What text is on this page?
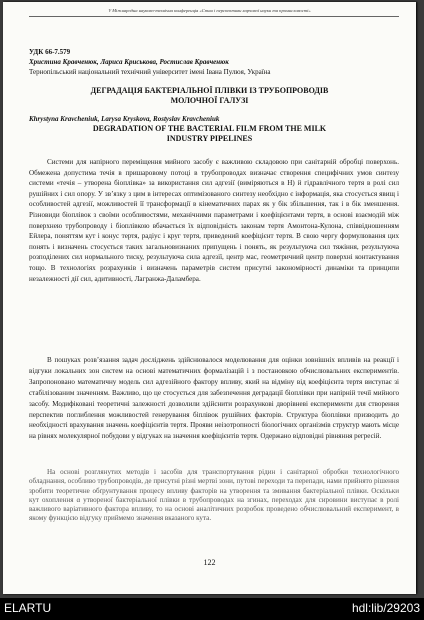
V Міжнародна науково-технічна конференція «Стан і перспективи харчової науки та промисловості»

УДК 66-7.579

Христина Кравченюк, Лариса Криськова, Ростислав Кравченюк

Тернопільський національний технічний університет імені Івана Пулюя, Україна

ДЕГРАДАЦІЯ БАКТЕРІАЛЬНОЇ ПЛІВКИ ІЗ ТРУБОПРОВОДІВ

МОЛОЧНОЇ ГАЛУЗІ

Khrystyna Kravcheniuk, Larysa Kryskova, Rostyslav Kravcheniuk

DEGRADATION OF THE BACTERIAL FILM FROM THE MILK

INDUSTRY PIPELINES

Системи для напірного переміщення мийного засобу є важливою складовою при санітарній обробці поверхонь. Обмежена допустима течія в пришаровому потоці в трубопроводах визначає створення специфічних умов синтезу системи «течія – утворена біоплівка» за використання сил адгезії (виміряються в Н) й гідравлічного тертя в ролі сил рушійних і сил опору. У зв’язку з цим в інтересах оптимізованого синтезу необхідно є інформація, яка стосується явищ і особливостей адгезії, можливостей її трансформації в кінематичних парах як у бік збільшення, так і в бік зменшення. Різновиди біоплівок з своїми особливостями, механічними параметрами і коефіцієнтами тертя, в основі взаємодій між поверхнею трубопроводу і біоплівкою вбачається їх відповідність законам тертя Амонтона-Кулона, співвідношенням Ейлера, поняттям кут і конус тертя, радіус і круг тертя, приведений коефіцієнт тертя. В свою чергу формулювання цих понять і визначень стосується таких загальновизнаних припущень і понять, як результуюча сил тяжіння, результуюча розподілених сил нормального тиску, результуюча сила адгезії, центр мас, геометричний центр поверхні контактування тощо. В технологіях розрахунків і визначень параметрів систем присутні закономірності динаміки та принципи незалежності дії сил, адитивності, Лагранжа-Даламбера.

В пошуках розв’язання задач досліджень здійснювалося моделювання для оцінки зовнішніх впливів на реакції і відгуки локальних зон систем на основі математичних формалізацій і з постановкою обчислювальних експериментів. Запропоновано математичну модель сил адгезійного фактору впливу, який на відміну від коефіцієнта тертя виступає зі стабілізованим значенням. Важливо, що це стосується для забезпечення деградації біоплівки при напірній течії мийного засобу. Модифіковані теоретичні залежності дозволили здійснити розрахункові дворівневі експерименти для створення перспектив поглиблення можливостей генерування біплівок рушійних факторів. Структура біоплівки призводить до необхідності врахування значень коефіцієнтів тертя. Прояви неізотропності біологічних організмів структур мають місце на рівнях молекулярної побудови у відгуках на значення коефіцієнтів тертя. Одержано відповідні рівняння регресій.

На основі розглянутих методів і засобів для транспортування рідин і санітарної обробки технологічного обладнання, особливо трубопроводів, де присутні різні мертві зони, путові переходи та перепади, нами прийнято рішення зробити теоретичне обґрунтування процесу впливу факторів на утворення та змивання бактеріальної плівки. Оскільки кут охоплення α утвореної бактеріальної плівки в трубопроводах на згинах, переходах для сировини виступає в ролі важливого варіативного фактора впливу, то на основі аналітичних розробок проведено обчислювальний експеримент, в якому функцією відгуку приймемо значення вказаного кута.

122

ELARTU	hdl:lib/29203
